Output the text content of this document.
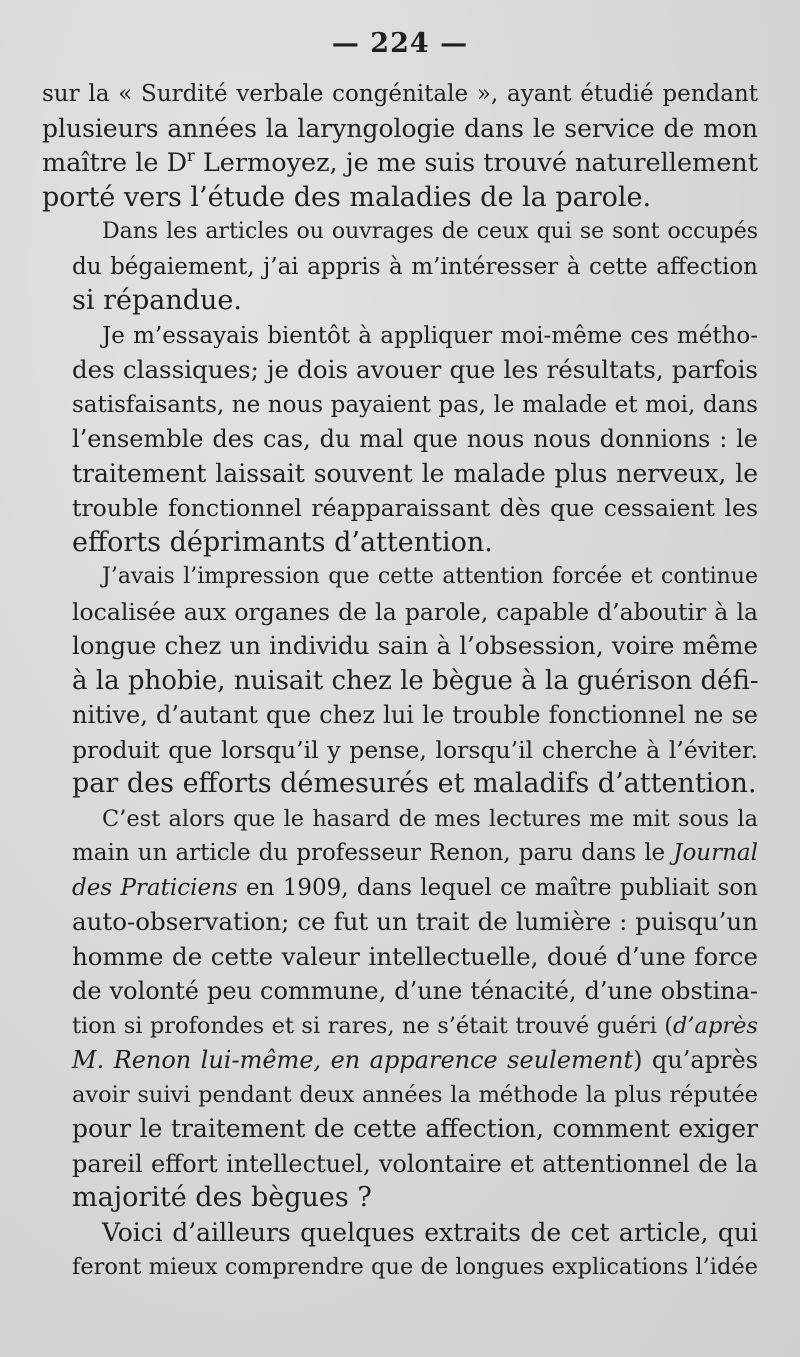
— 224 —

sur la « Surdité verbale congénitale », ayant étudié pendant
plusieurs années la laryngologie dans le service de mon
maître le $D^r$ Lermoyez, je me suis trouvé naturellement
porté vers l’étude des maladies de la parole.

Dans les articles ou ouvrages de ceux qui se sont occupés
du bégaiement, j’ai appris à m’intéresser à cette affection
si répandue.

Je m’essayais bientôt à appliquer moi-même ces métho-
des classiques; je dois avouer que les résultats, parfois
satisfaisants, ne nous payaient pas, le malade et moi, dans
l’ensemble des cas, du mal que nous nous donnions : le
traitement laissait souvent le malade plus nerveux, le
trouble fonctionnel réapparaissant dès que cessaient les
efforts déprimants d’attention.

J’avais l’impression que cette attention forcée et continue
localisée aux organes de la parole, capable d’aboutir à la
longue chez un individu sain à l’obsession, voire même
à la phobie, nuisait chez le bègue à la guérison défi-
nitive, d’autant que chez lui le trouble fonctionnel ne se
produit que lorsqu’il y pense, lorsqu’il cherche à l’éviter.
par des efforts démesurés et maladifs d’attention.

C’est alors que le hasard de mes lectures me mit sous la
main un article du professeur Renon, paru dans le Journal
des Praticiens en 1909, dans lequel ce maître publiait son
auto-observation; ce fut un trait de lumière : puisqu’un
homme de cette valeur intellectuelle, doué d’une force
de volonté peu commune, d’une ténacité, d’une obstina-
tion si profondes et si rares, ne s’était trouvé guéri (d’après
M. Renon lui-même, en apparence seulement) qu’après
avoir suivi pendant deux années la méthode la plus réputée
pour le traitement de cette affection, comment exiger
pareil effort intellectuel, volontaire et attentionnel de la
majorité des bègues ?

Voici d’ailleurs quelques extraits de cet article, qui
feront mieux comprendre que de longues explications l’idée
